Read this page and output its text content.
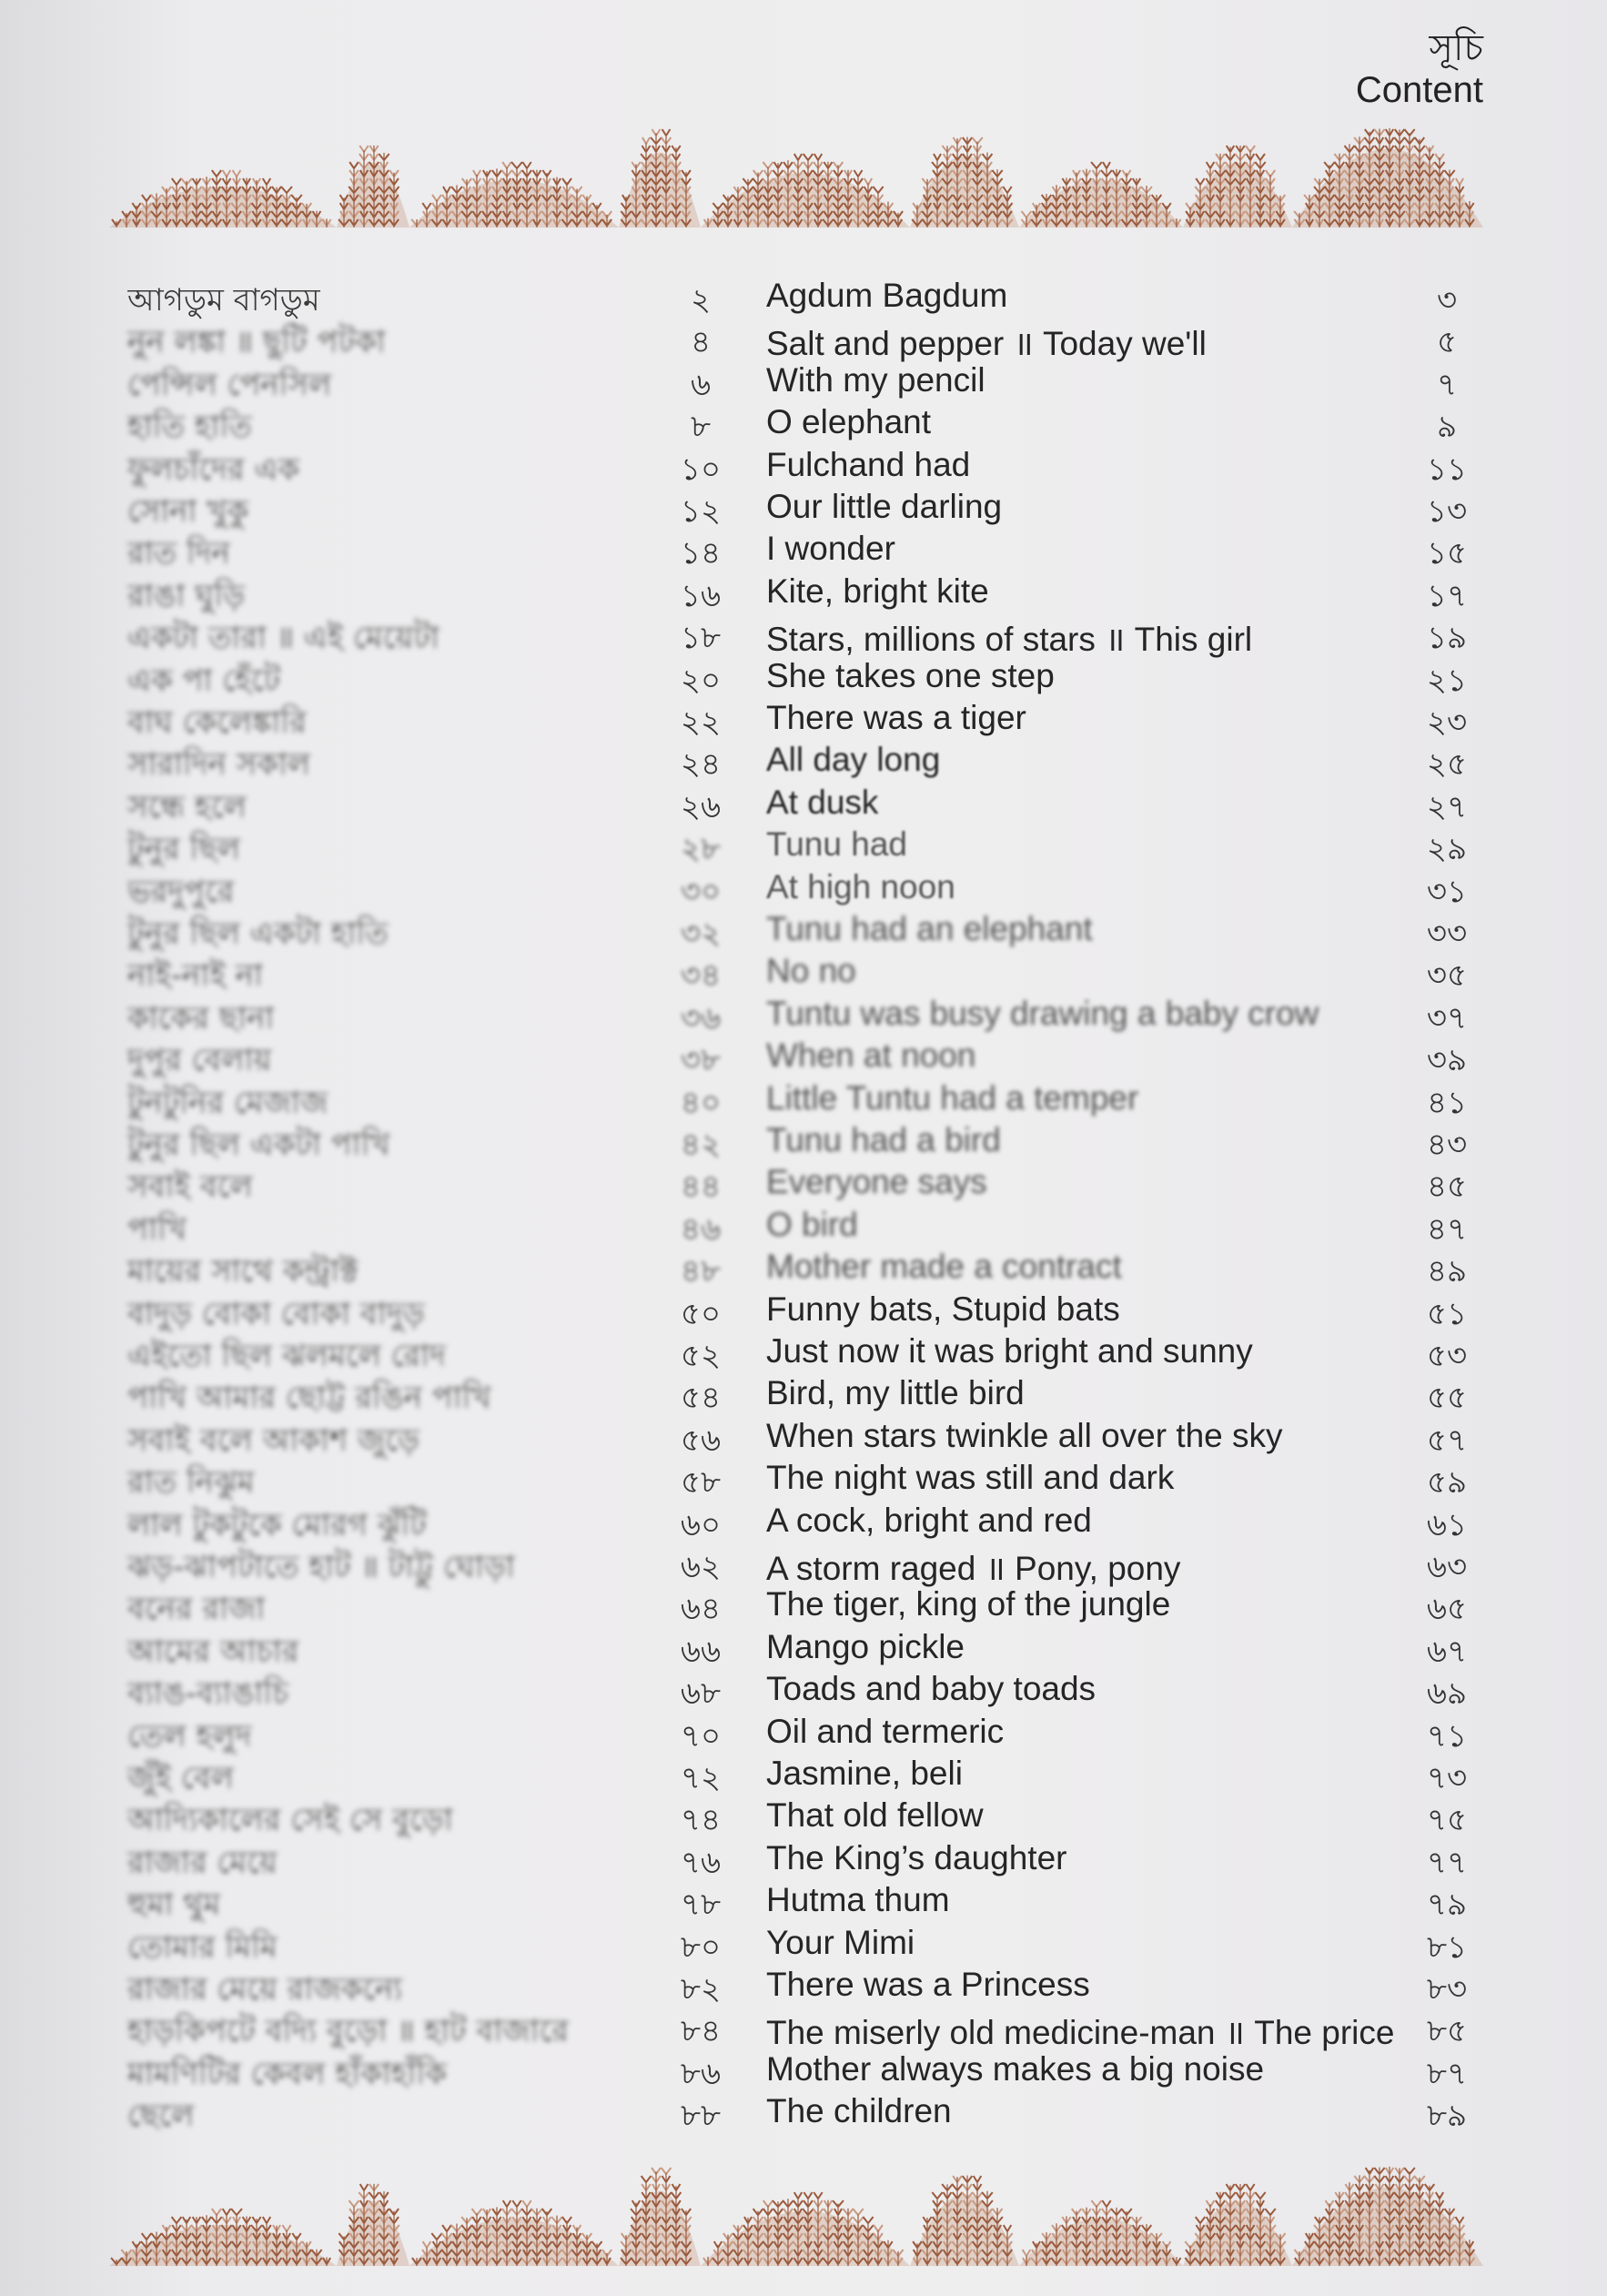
সূচি
Content
আগডুম বাগডুম	২	Agdum Bagdum	৩
নুন লঙ্কা ॥ ছুটি পটকা	৪	Salt and pepper ॥ Today we'll	৫
পেন্সিল পেনসিল	৬	With my pencil	৭
হাতি হাতি	৮	O elephant	৯
ফুলচাঁদের এক	১০	Fulchand had	১১
সোনা খুকু	১২	Our little darling	১৩
রাত দিন	১৪	I wonder	১৫
রাঙা ঘুড়ি	১৬	Kite, bright kite	১৭
একটা তারা ॥ এই মেয়েটা	১৮	Stars, millions of stars ॥ This girl	১৯
এক পা হেঁটে	২০	She takes one step	২১
বাঘ কেলেঙ্কারি	২২	There was a tiger	২৩
সারাদিন সকাল	২৪	All day long	২৫
সন্ধে হলে	২৬	At dusk	২৭
টুনুর ছিল	২৮	Tunu had	২৯
ভরদুপুরে	৩০	At high noon	৩১
টুনুর ছিল একটা হাতি	৩২	Tunu had an elephant	৩৩
নাই-নাই না	৩৪	No no	৩৫
কাকের ছানা	৩৬	Tuntu was busy drawing a baby crow	৩৭
দুপুর বেলায়	৩৮	When at noon	৩৯
টুনটুনির মেজাজ	৪০	Little Tuntu had a temper	৪১
টুনুর ছিল একটা পাখি	৪২	Tunu had a bird	৪৩
সবাই বলে	৪৪	Everyone says	৪৫
পাখি	৪৬	O bird	৪৭
মায়ের সাথে কন্ট্রাক্ট	৪৮	Mother made a contract	৪৯
বাদুড় বোকা বোকা বাদুড়	৫০	Funny bats, Stupid bats	৫১
এইতো ছিল ঝলমলে রোদ	৫২	Just now it was bright and sunny	৫৩
পাখি আমার ছোট্ট রঙিন পাখি	৫৪	Bird, my little bird	৫৫
সবাই বলে আকাশ জুড়ে	৫৬	When stars twinkle all over the sky	৫৭
রাত নিঝুম	৫৮	The night was still and dark	৫৯
লাল টুকটুকে মোরগ ঝুঁটি	৬০	A cock, bright and red	৬১
ঝড়-ঝাপটাতে হাট ॥ টাট্টু ঘোড়া	৬২	A storm raged ॥ Pony, pony	৬৩
বনের রাজা	৬৪	The tiger, king of the jungle	৬৫
আমের আচার	৬৬	Mango pickle	৬৭
ব্যাঙ-ব্যাঙাচি	৬৮	Toads and baby toads	৬৯
তেল হলুদ	৭০	Oil and termeric	৭১
জুঁই বেল	৭২	Jasmine, beli	৭৩
আদ্যিকালের সেই সে বুড়ো	৭৪	That old fellow	৭৫
রাজার মেয়ে	৭৬	The King’s daughter	৭৭
হুমা থুম	৭৮	Hutma thum	৭৯
তোমার মিমি	৮০	Your Mimi	৮১
রাজার মেয়ে রাজকন্যে	৮২	There was a Princess	৮৩
হাড়কিপটে বদ্যি বুড়ো ॥ হাট বাজারে	৮৪	The miserly old medicine-man ॥ The price	৮৫
মামণিটির কেবল হাঁকাহাঁকি	৮৬	Mother always makes a big noise	৮৭
ছেলে	৮৮	The children	৮৯
